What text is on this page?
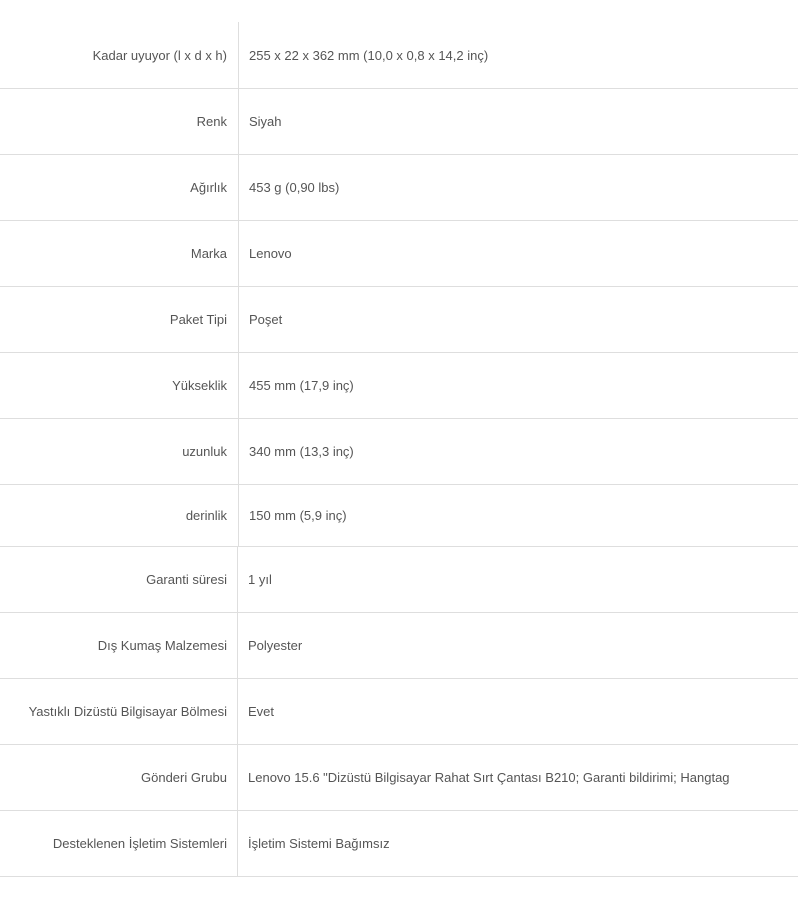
Kadar uyuyor (l x d x h) 255 x 22 x 362 mm (10,0 x 0,8 x 14,2 inç)
Renk Siyah
Ağırlık 453 g (0,90 lbs)
Marka Lenovo
Paket Tipi Poşet
Yükseklik 455 mm (17,9 inç)
uzunluk 340 mm (13,3 inç)
derinlik 150 mm (5,9 inç)
Garanti süresi 1 yıl
Dış Kumaş Malzemesi Polyester
Yastıklı Dizüstü Bilgisayar Bölmesi Evet
Gönderi Grubu Lenovo 15.6 "Dizüstü Bilgisayar Rahat Sırt Çantası B210; Garanti bildirimi; Hangtag
Desteklenen İşletim Sistemleri İşletim Sistemi Bağımsız
